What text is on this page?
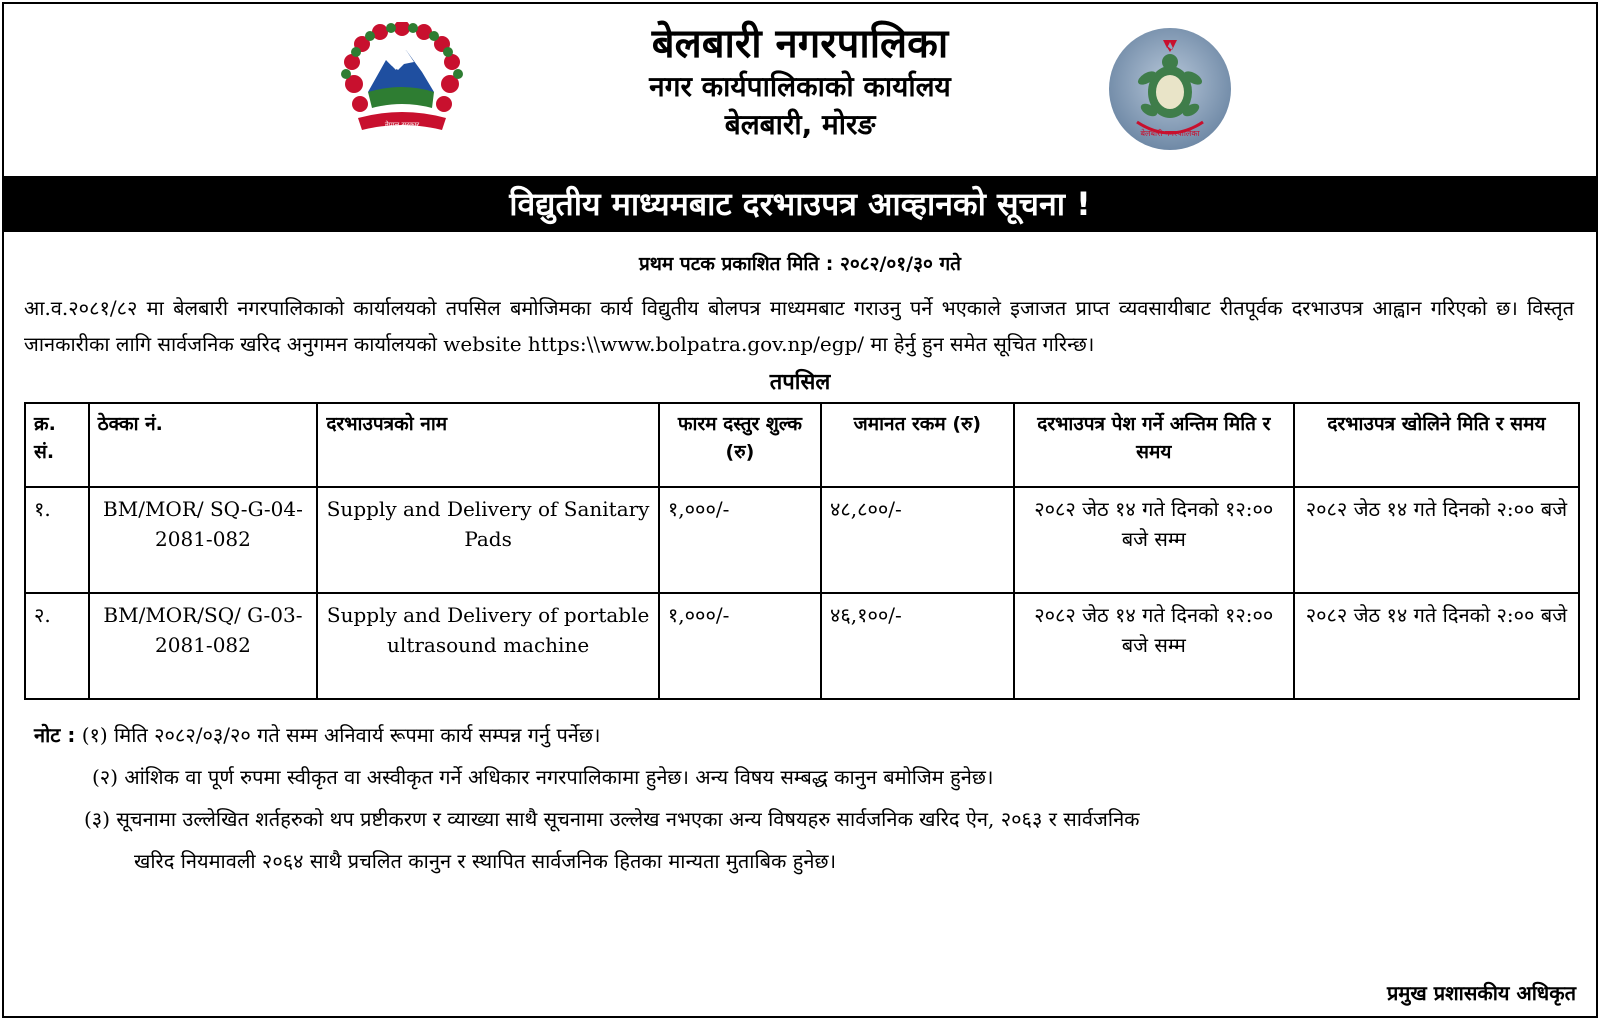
नेपाल सरकार
बेलबारी नगरपालिका
नगर कार्यपालिकाको कार्यालय
बेलबारी, मोरङ	बेलबारी नगरपालिका
विद्युतीय माध्यमबाट दरभाउपत्र आव्हानको सूचना !
प्रथम पटक प्रकाशित मिति : २०८२/०१/३० गते
आ.व.२०८१/८२ मा बेलबारी नगरपालिकाको कार्यालयको तपसिल बमोजिमका कार्य विद्युतीय बोलपत्र माध्यमबाट गराउनु पर्ने भएकाले इजाजत प्राप्त व्यवसायीबाट रीतपूर्वक दरभाउपत्र आह्वान गरिएको छ। विस्तृत जानकारीका लागि सार्वजनिक खरिद अनुगमन कार्यालयको website https:\\www.bolpatra.gov.np/egp/ मा हेर्नु हुन समेत सूचित गरिन्छ।
तपसिल
क्र. सं.	ठेक्का नं.	दरभाउपत्रको नाम	फारम दस्तुर शुल्क (रु)	जमानत रकम (रु)	दरभाउपत्र पेश गर्ने अन्तिम मिति र समय	दरभाउपत्र खोलिने मिति र समय
१.	BM/MOR/ SQ-G-04-2081-082	Supply and Delivery of Sanitary Pads	१,०००/-	४८,८००/-	२०८२ जेठ १४ गते दिनको १२:०० बजे सम्म	२०८२ जेठ १४ गते दिनको २:०० बजे
२.	BM/MOR/SQ/ G-03-2081-082	Supply and Delivery of portable ultrasound machine	१,०००/-	४६,१००/-	२०८२ जेठ १४ गते दिनको १२:०० बजे सम्म	२०८२ जेठ १४ गते दिनको २:०० बजे
नोट : (१) मिति २०८२/०३/२० गते सम्म अनिवार्य रूपमा कार्य सम्पन्न गर्नु पर्नेछ।
(२) आंशिक वा पूर्ण रुपमा स्वीकृत वा अस्वीकृत गर्ने अधिकार नगरपालिकामा हुनेछ। अन्य विषय सम्बद्ध कानुन बमोजिम हुनेछ।
(३) सूचनामा उल्लेखित शर्तहरुको थप प्रष्टीकरण र व्याख्या साथै सूचनामा उल्लेख नभएका अन्य विषयहरु सार्वजनिक खरिद ऐन, २०६३ र सार्वजनिक
खरिद नियमावली २०६४ साथै प्रचलित कानुन र स्थापित सार्वजनिक हितका मान्यता मुताबिक हुनेछ।
प्रमुख प्रशासकीय अधिकृत
